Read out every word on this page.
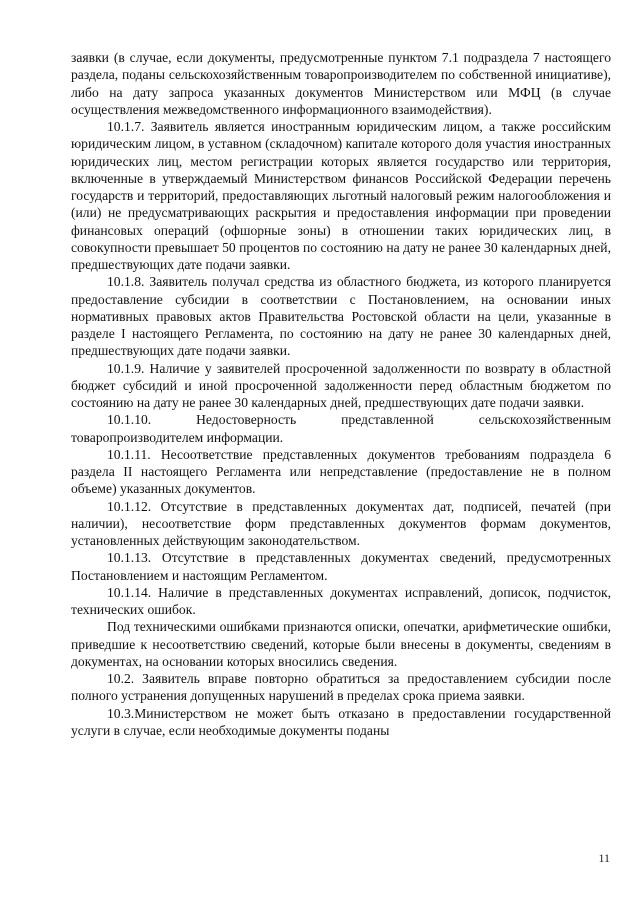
заявки (в случае, если документы, предусмотренные пунктом 7.1 подраздела 7 настоящего раздела, поданы сельскохозяйственным товаропроизводителем по собственной инициативе), либо на дату запроса указанных документов Министерством или МФЦ (в случае осуществления межведомственного информационного взаимодействия).

10.1.7. Заявитель является иностранным юридическим лицом, а также российским юридическим лицом, в уставном (складочном) капитале которого доля участия иностранных юридических лиц, местом регистрации которых является государство или территория, включенные в утверждаемый Министерством финансов Российской Федерации перечень государств и территорий, предоставляющих льготный налоговый режим налогообложения и (или) не предусматривающих раскрытия и предоставления информации при проведении финансовых операций (офшорные зоны) в отношении таких юридических лиц, в совокупности превышает 50 процентов по состоянию на дату не ранее 30 календарных дней, предшествующих дате подачи заявки.

10.1.8. Заявитель получал средства из областного бюджета, из которого планируется предоставление субсидии в соответствии с Постановлением, на основании иных нормативных правовых актов Правительства Ростовской области на цели, указанные в разделе I настоящего Регламента, по состоянию на дату не ранее 30 календарных дней, предшествующих дате подачи заявки.

10.1.9. Наличие у заявителей просроченной задолженности по возврату в областной бюджет субсидий и иной просроченной задолженности перед областным бюджетом по состоянию на дату не ранее 30 календарных дней, предшествующих дате подачи заявки.

10.1.10. Недостоверность представленной сельскохозяйственным товаропроизводителем информации.

10.1.11. Несоответствие представленных документов требованиям подраздела 6 раздела II настоящего Регламента или непредставление (предоставление не в полном объеме) указанных документов.

10.1.12. Отсутствие в представленных документах дат, подписей, печатей (при наличии), несоответствие форм представленных документов формам документов, установленных действующим законодательством.

10.1.13. Отсутствие в представленных документах сведений, предусмотренных Постановлением и настоящим Регламентом.

10.1.14. Наличие в представленных документах исправлений, дописок, подчисток, технических ошибок.

Под техническими ошибками признаются описки, опечатки, арифметические ошибки, приведшие к несоответствию сведений, которые были внесены в документы, сведениям в документах, на основании которых вносились сведения.

10.2. Заявитель вправе повторно обратиться за предоставлением субсидии после полного устранения допущенных нарушений в пределах срока приема заявки.

10.3.Министерством не может быть отказано в предоставлении государственной услуги в случае, если необходимые документы поданы

11
